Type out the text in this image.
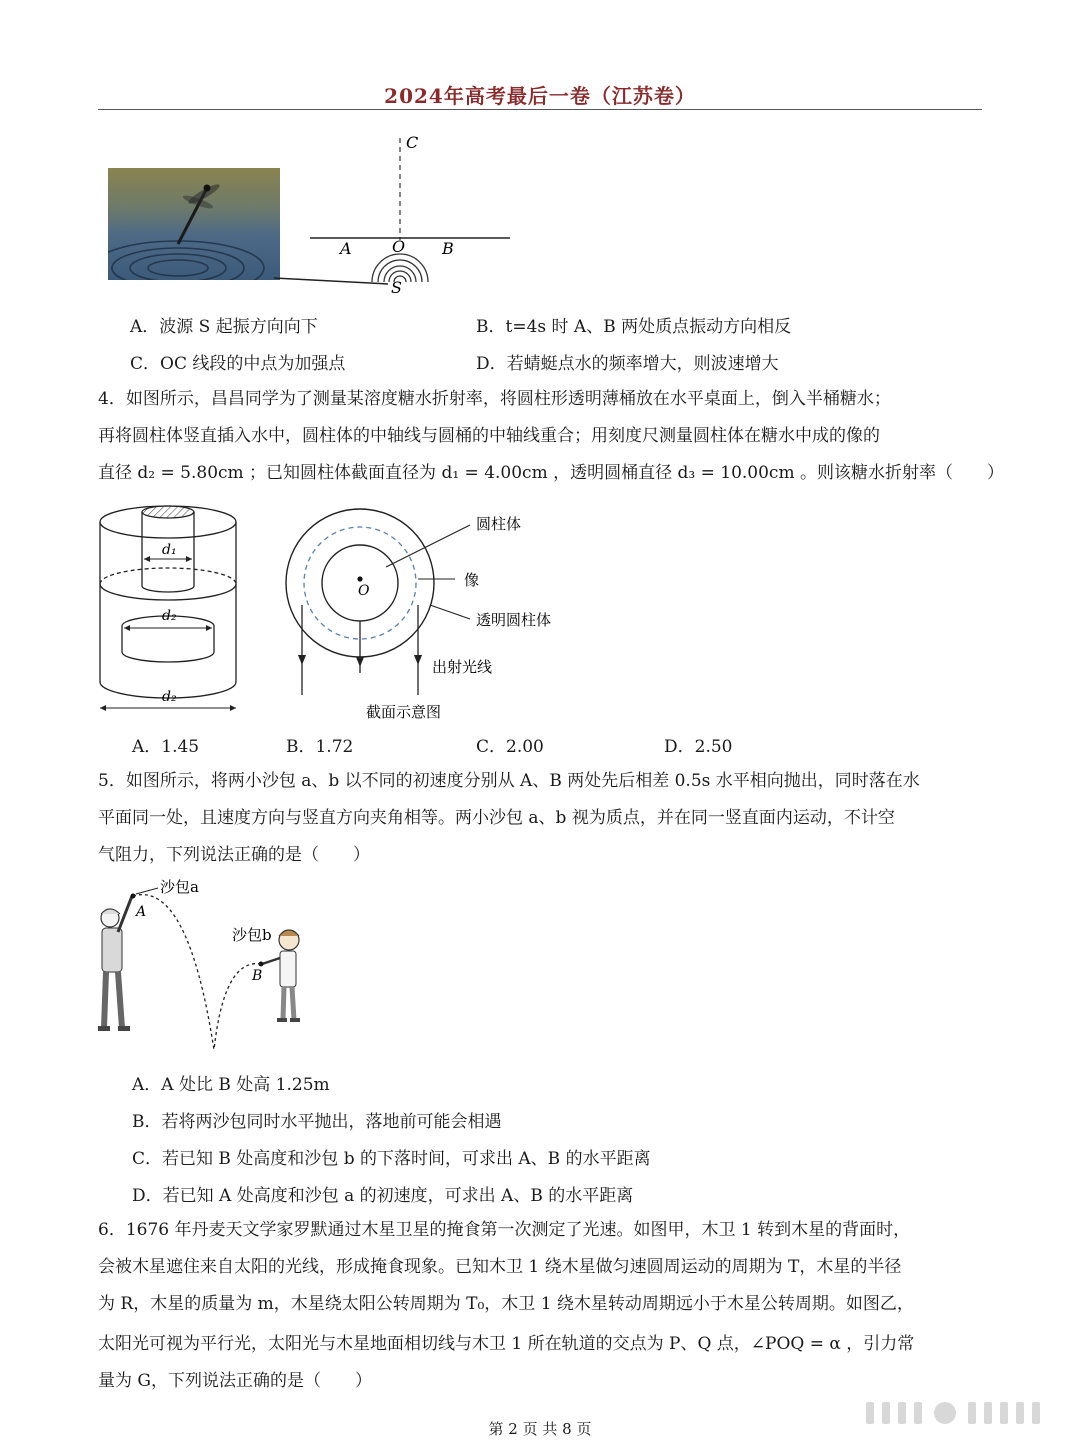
2024年高考最后一卷（江苏卷）
C
A	O B
S
A．波源 S 起振方向向下	B．t=4s 时 A、B 两处质点振动方向相反
C．OC 线段的中点为加强点	D．若蜻蜓点水的频率增大，则波速增大
4．如图所示，昌昌同学为了测量某溶度糖水折射率，将圆柱形透明薄桶放在水平桌面上，倒入半桶糖水；
再将圆柱体竖直插入水中，圆柱体的中轴线与圆桶的中轴线重合；用刻度尺测量圆柱体在糖水中成的像的
直径 d₂ = 5.80cm ；已知圆柱体截面直径为 d₁ = 4.00cm ，透明圆桶直径 d₃ = 10.00cm 。则该糖水折射率（　　）
d₁
d₂
d₂
O
圆柱体
像
透明圆柱体
出射光线
截面示意图
A．1.45	B．1.72	C．2.00	D．2.50
5．如图所示，将两小沙包 a、b 以不同的初速度分别从 A、B 两处先后相差 0.5s 水平相向抛出，同时落在水
平面同一处，且速度方向与竖直方向夹角相等。两小沙包 a、b 视为质点，并在同一竖直面内运动，不计空
气阻力，下列说法正确的是（　　）
沙包a
A
沙包b
B
A．A 处比 B 处高 1.25m
B．若将两沙包同时水平抛出，落地前可能会相遇
C．若已知 B 处高度和沙包 b 的下落时间，可求出 A、B 的水平距离
D．若已知 A 处高度和沙包 a 的初速度，可求出 A、B 的水平距离
6．1676 年丹麦天文学家罗默通过木星卫星的掩食第一次测定了光速。如图甲，木卫 1 转到木星的背面时，
会被木星遮住来自太阳的光线，形成掩食现象。已知木卫 1 绕木星做匀速圆周运动的周期为 T，木星的半径
为 R，木星的质量为 m，木星绕太阳公转周期为 T₀，木卫 1 绕木星转动周期远小于木星公转周期。如图乙，
太阳光可视为平行光，太阳光与木星地面相切线与木卫 1 所在轨道的交点为 P、Q 点，∠POQ = α ，引力常
量为 G，下列说法正确的是（　　）
第 2 页 共 8 页
